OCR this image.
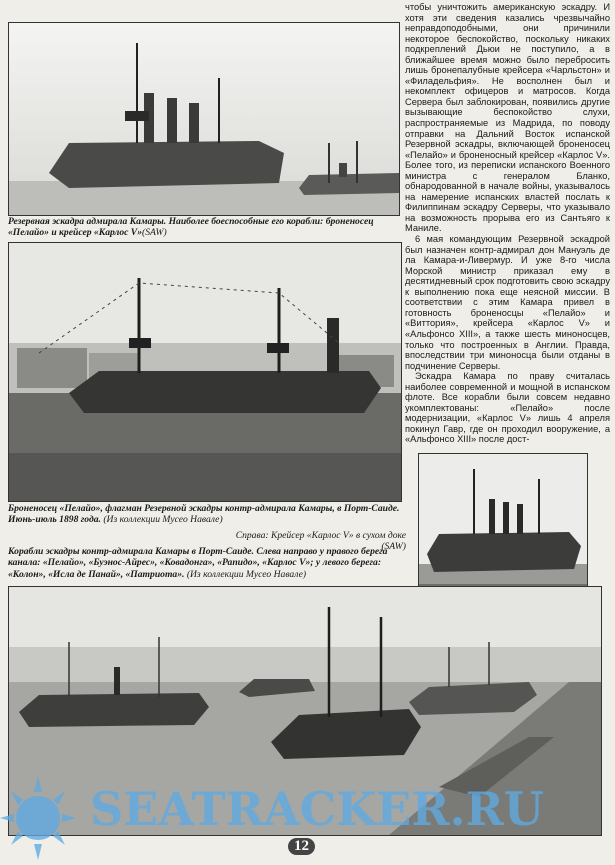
Резервная эскадра адмирала Камары. Наиболее боеспособные его корабли: броненосец «Пелайо» и крейсер «Карлос V»(SAW)

Броненосец «Пелайо», флагман Резервной эскадры контр-адмирала Камары, в Порт-Саиде. Июнь-июль 1898 года. (Из коллекции Мусео Навале)

Справа: Крейсер «Карлос V» в сухом доке (SAW)

Корабли эскадры контр-адмирала Камары в Порт-Саиде. Слева направо у правого берега канала: «Пелайо», «Буэнос-Айрес», «Ковадонга», «Рапидо», «Карлос V»; у левого берега: «Колон», «Исла де Панай», «Патриота». (Из коллекции Мусео Навале)

чтобы уничтожить американскую эскадру. И хотя эти сведения казались чрезвычайно неправдоподобными, они причинили некоторое беспокойство, поскольку никаких подкреплений Дьюи не поступило, а в ближайшее время можно было перебросить лишь бронепалубные крейсера «Чарльстон» и «Филадельфия». Не восполнен был и некомплект офицеров и матросов. Когда Сервера был заблокирован, появились другие вызывающие беспокойство слухи, распространяемые из Мадрида, по поводу отправки на Дальний Восток испанской Резервной эскадры, включающей броненосец «Пелайо» и броненосный крейсер «Карлос V». Более того, из переписки испанского Военного министра с генералом Бланко, обнародованной в начале войны, указывалось на намерение испанских властей послать к Филиппинам эскадру Серверы, что указывало на возможность прорыва его из Сантьяго к Маниле.

6 мая командующим Резервной эскадрой был назначен контр-адмирал дон Мануэль де ла Камара-и-Ливермур. И уже 8-го числа Морской министр приказал ему в десятидневный срок подготовить свою эскадру к выполнению пока еще неясной миссии. В соответствии с этим Камара привел в готовность броненосцы «Пелайо» и «Виттория», крейсера «Карлос V» и «Альфонсо XIII», а также шесть миноносцев, только что построенных в Англии. Правда, впоследствии три миноносца были отданы в подчинение Серверы.

Эскадра Камара по праву считалась наиболее современной и мощной в испанском флоте. Все корабли были совсем недавно укомплектованы: «Пелайо» после модернизации, «Карлос V» лишь 4 апреля покинул Гавр, где он проходил вооружение, а «Альфонсо XIII» после дост-

SEATRACKER.RU
12
